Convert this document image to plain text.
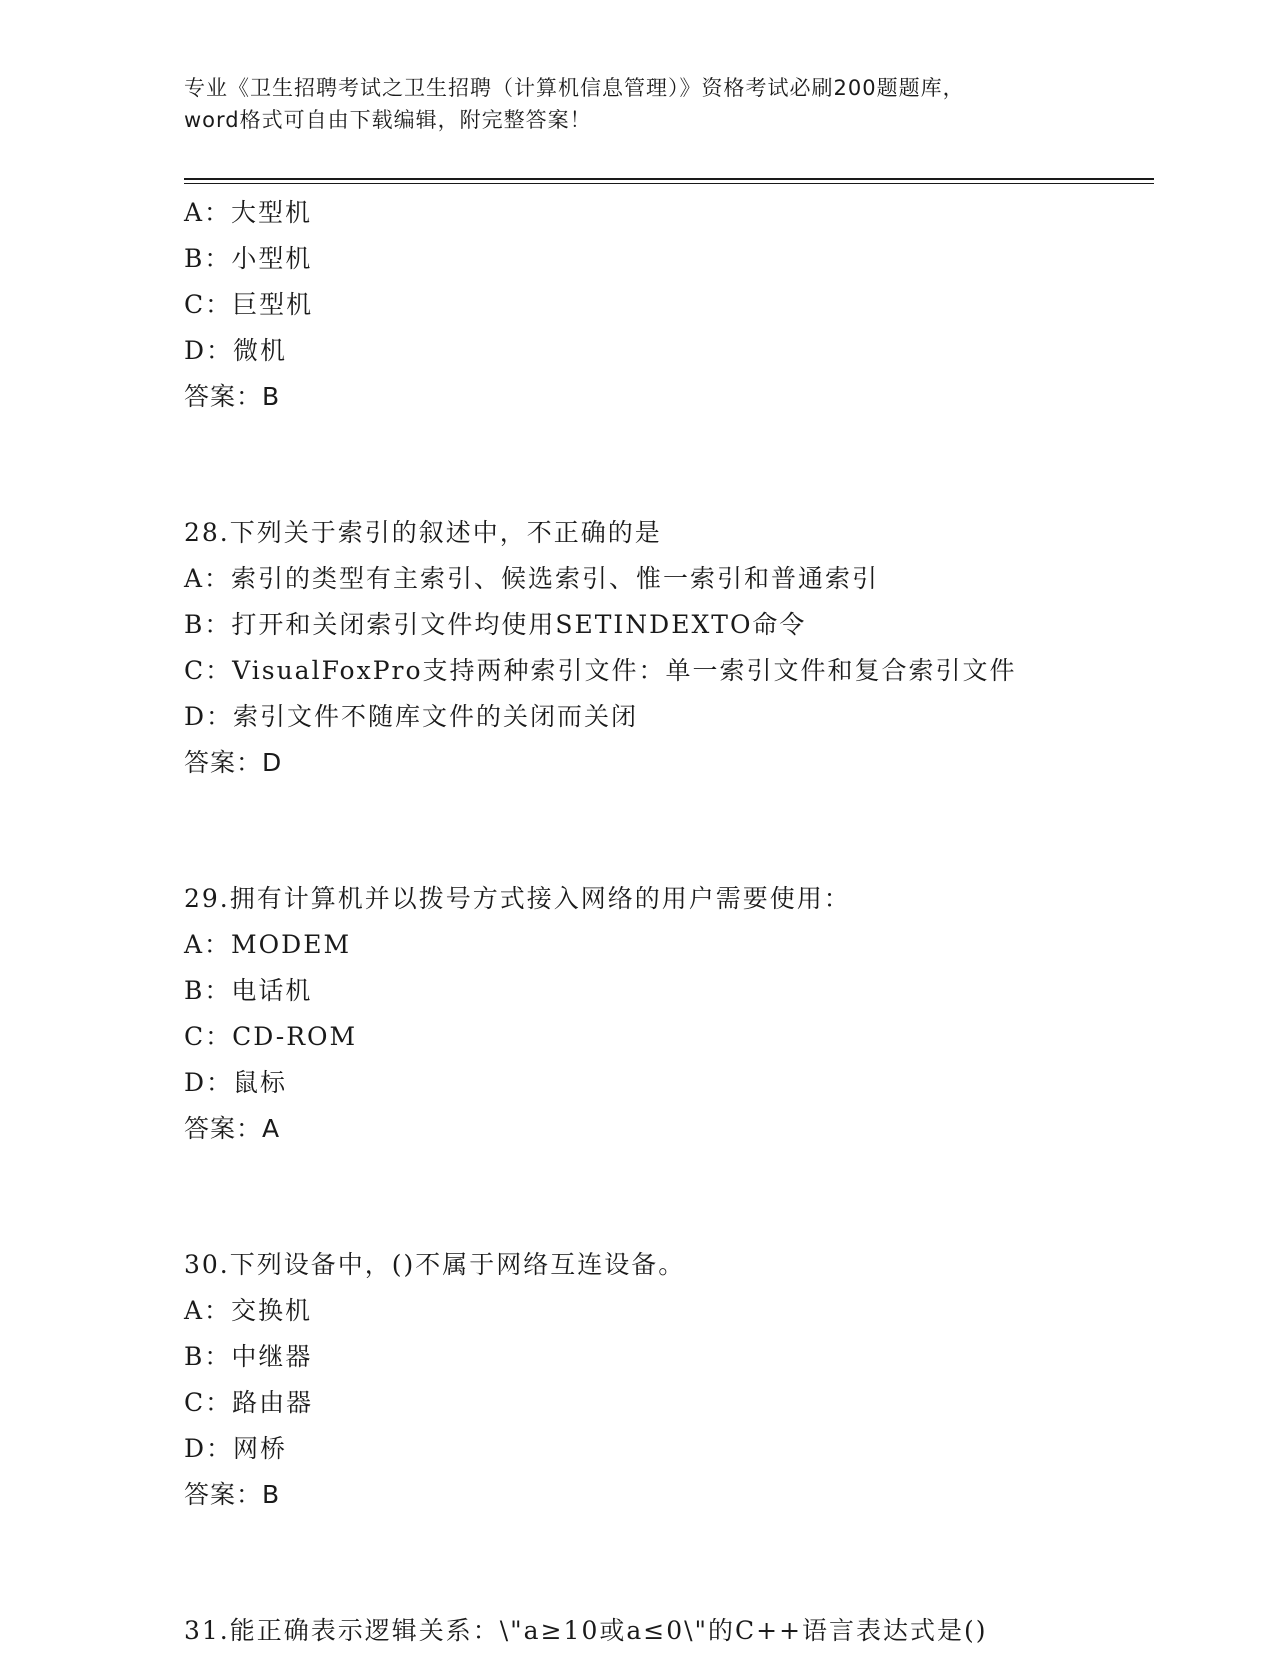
专业《卫生招聘考试之卫生招聘（计算机信息管理）》资格考试必刷200题题库，
word格式可自由下载编辑，附完整答案！
A：大型机
B：小型机
C：巨型机
D：微机
答案：B
28.下列关于索引的叙述中，不正确的是
A：索引的类型有主索引、候选索引、惟一索引和普通索引
B：打开和关闭索引文件均使用SETINDEXTO命令
C：VisualFoxPro支持两种索引文件：单一索引文件和复合索引文件
D：索引文件不随库文件的关闭而关闭
答案：D
29.拥有计算机并以拨号方式接入网络的用户需要使用：
A：MODEM
B：电话机
C：CD-ROM
D：鼠标
答案：A
30.下列设备中，()不属于网络互连设备。
A：交换机
B：中继器
C：路由器
D：网桥
答案：B
31.能正确表示逻辑关系：\"a≥10或a≤0\"的C++语言表达式是()
